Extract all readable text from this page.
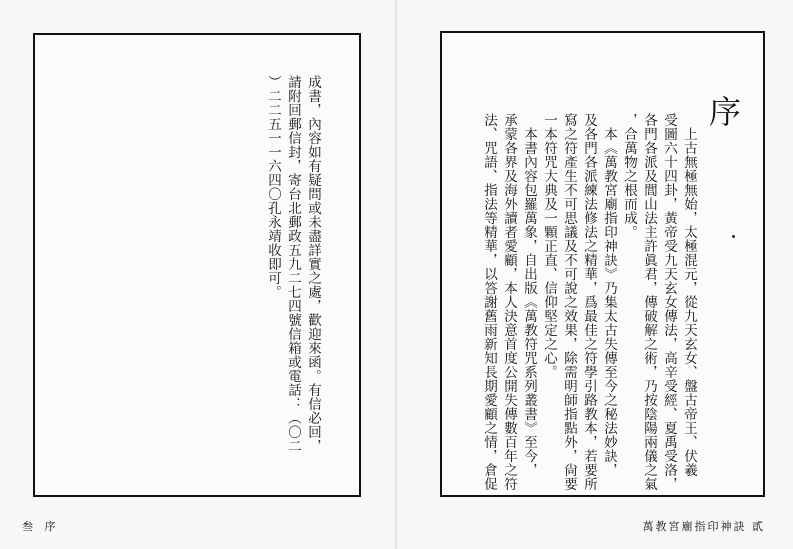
成書，內容如有疑問或未盡詳實之處，歡迎來函。有信必回，
請附回郵信封，寄台北郵政五九二七四號信箱或電話：（〇二
）二二五一一六四〇孔永靖收即可。
叁 序
序
上古無極無始，太極混元，從九天玄女、盤古帝王、伏羲
受圖六十四卦，黃帝受九天玄女傳法，高辛受經、夏禹受洛，
各門各派及閭山法主許眞君，傳破解之術，乃按陰陽兩儀之氣
，合萬物之根而成。
本《萬教宮廟指印神訣》乃集太古失傳至今之秘法妙訣，
及各門各派練法修法之精華，爲最佳之符學引路教本，若要所
寫之符產生不可思議及不可說之效果，除需明師指點外，尙要
一本符咒大典及一顆正直、信仰堅定之心。
本書內容包羅萬象，自出版《萬教符咒系列叢書》至今，
承蒙各界及海外讀者愛顧，本人決意首度公開失傳數百年之符
法、咒語、指法等精華，以答謝舊雨新知長期愛顧之情，倉促
萬教宮廟指印神訣 貳
